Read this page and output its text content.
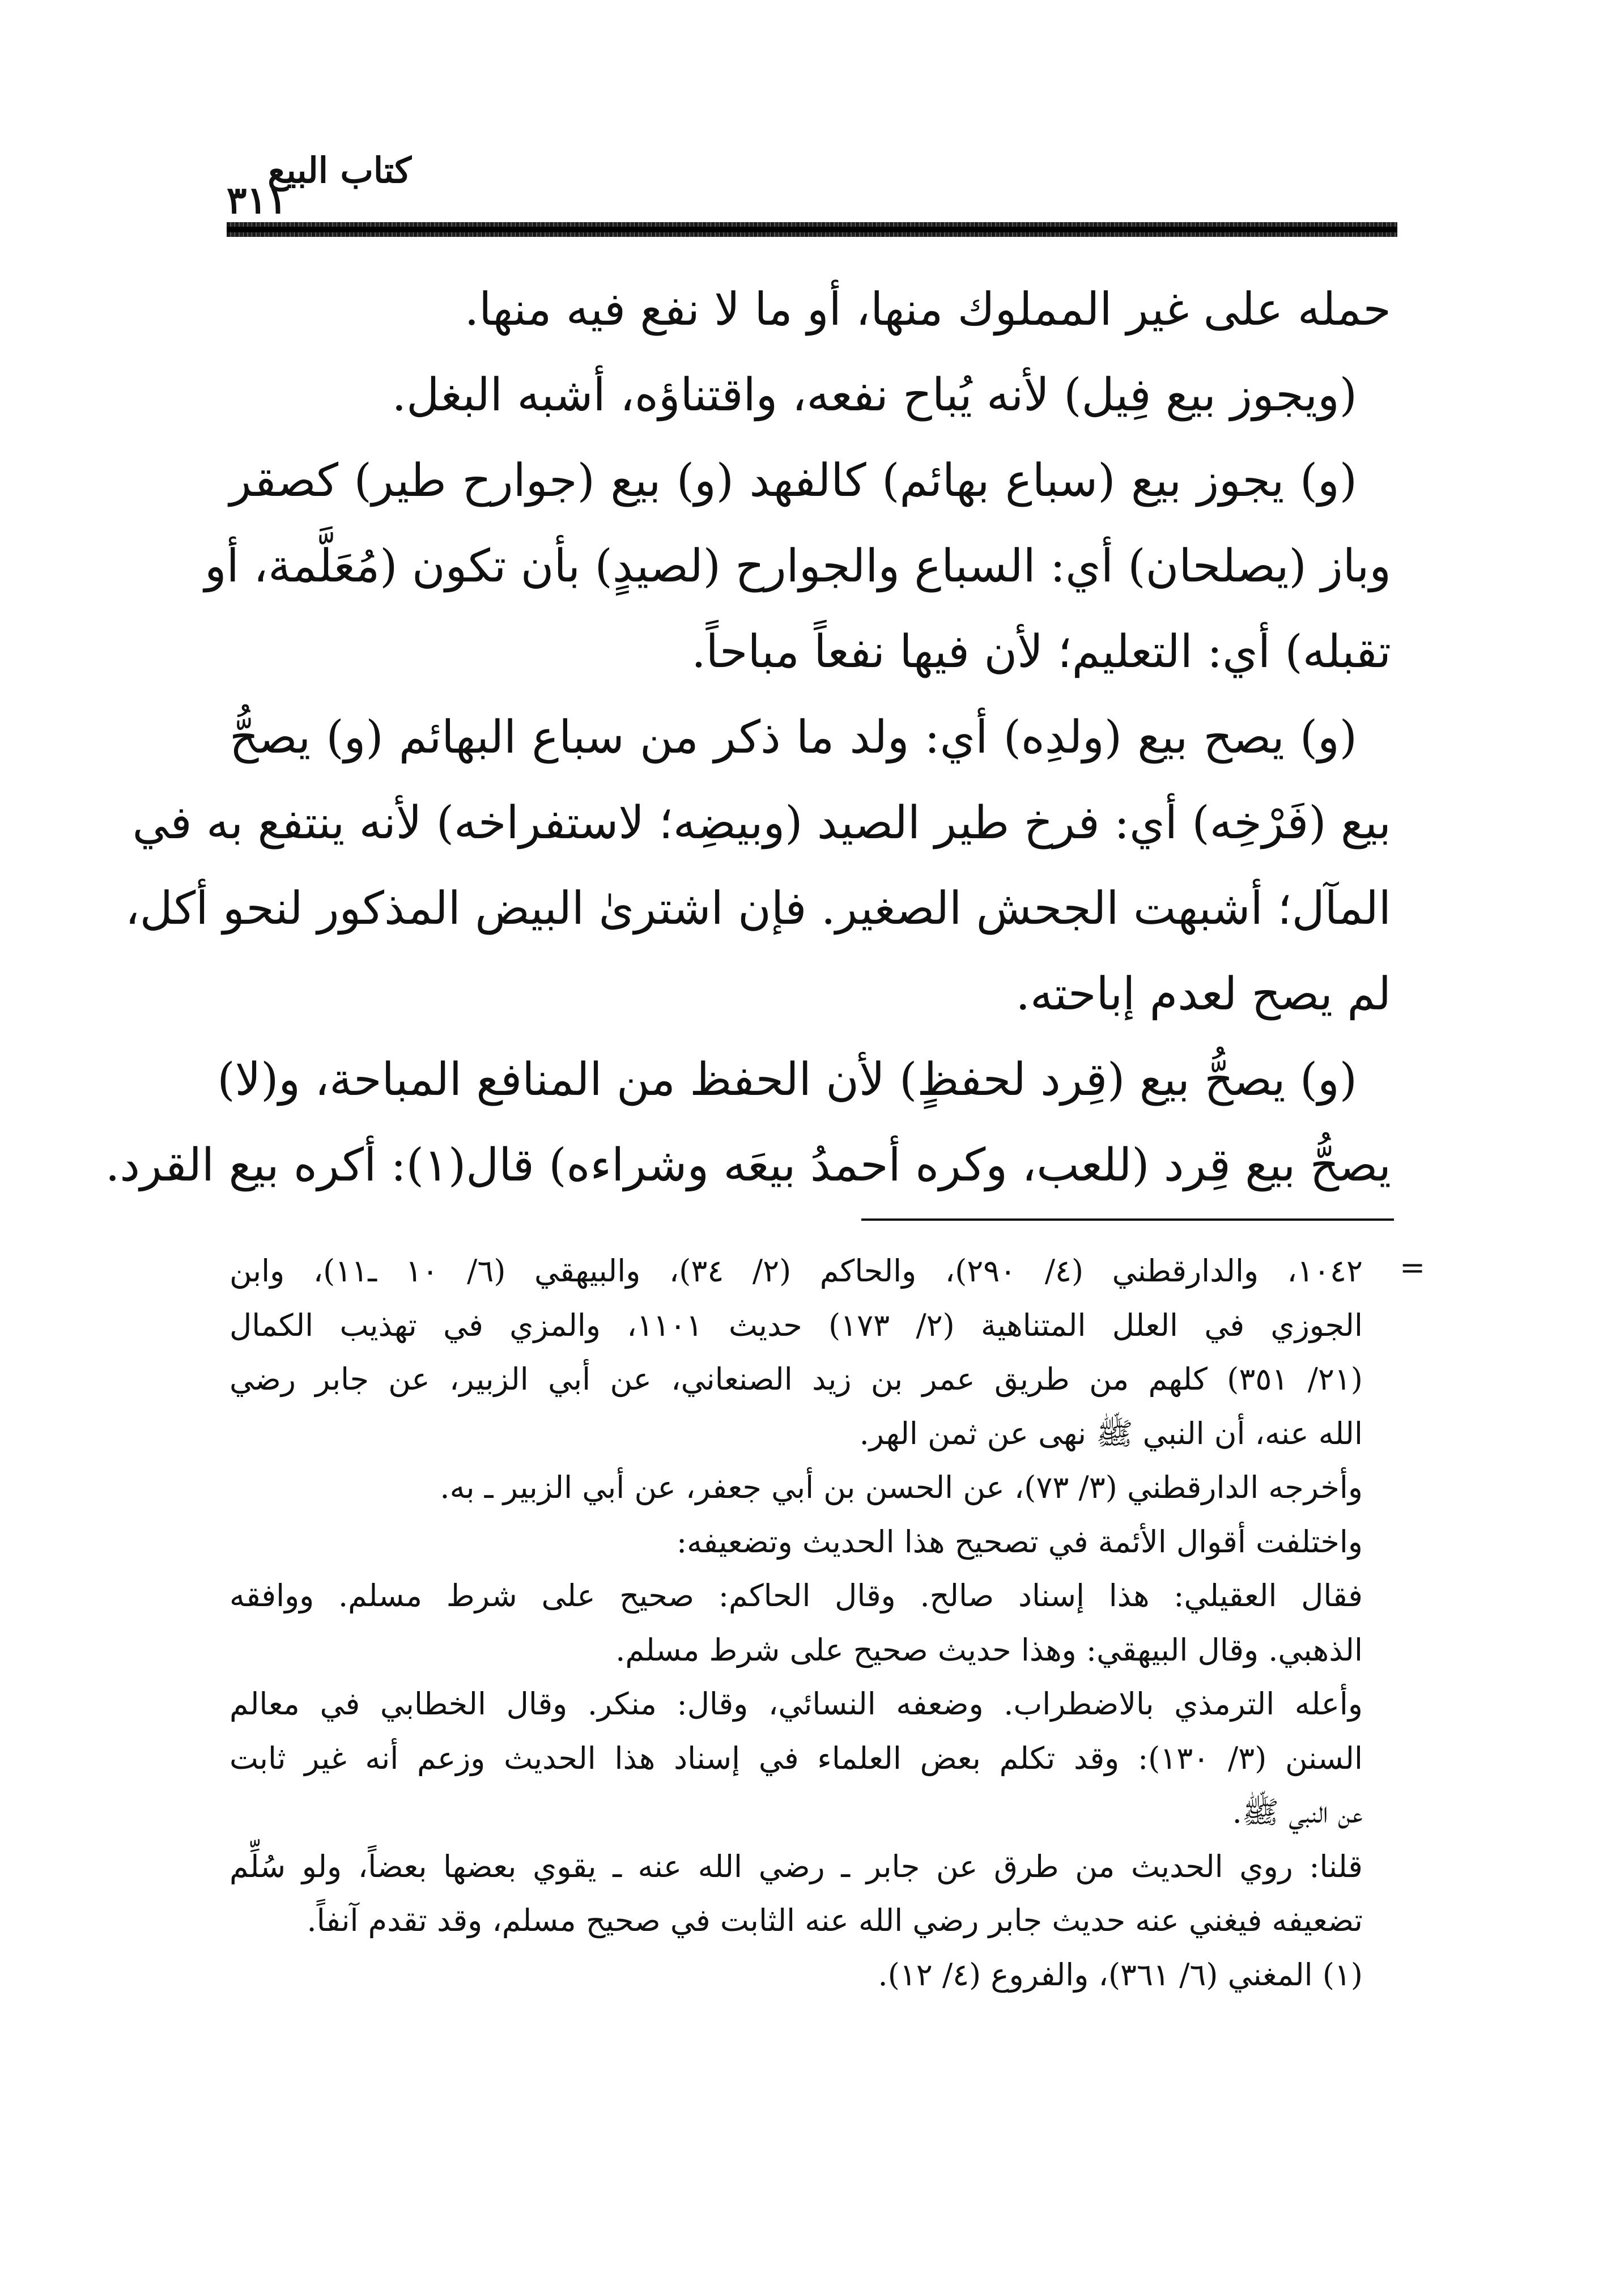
كتاب البيع
٣١١
حمله على غير المملوك منها، أو ما لا نفع فيه منها.
(ويجوز بيع فِيل) لأنه يُباح نفعه، واقتناؤه، أشبه البغل.
(و) يجوز بيع (سباع بهائم) كالفهد (و) بيع (جوارح طير) كصقر
وباز (يصلحان) أي: السباع والجوارح (لصيدٍ) بأن تكون (مُعَلَّمة، أو
تقبله) أي: التعليم؛ لأن فيها نفعاً مباحاً.
(و) يصح بيع (ولدِه) أي: ولد ما ذكر من سباع البهائم (و) يصحُّ
بيع (فَرْخِه) أي: فرخ طير الصيد (وبيضِه؛ لاستفراخه) لأنه ينتفع به في
المآل؛ أشبهت الجحش الصغير. فإن اشترىٰ البيض المذكور لنحو أكل،
لم يصح لعدم إباحته.
(و) يصحُّ بيع (قِرد لحفظٍ) لأن الحفظ من المنافع المباحة، و(لا)
يصحُّ بيع قِرد (للعب، وكره أحمدُ بيعَه وشراءه) قال(١): أكره بيع القرد.
=
١٠٤٢، والدارقطني (٤/ ٢٩٠)، والحاكم (٢/ ٣٤)، والبيهقي (٦/ ١٠ ـ١١)، وابن
الجوزي في العلل المتناهية (٢/ ١٧٣) حديث ١١٠١، والمزي في تهذيب الكمال
(٢١/ ٣٥١) كلهم من طريق عمر بن زيد الصنعاني، عن أبي الزبير، عن جابر رضي
الله عنه، أن النبي ﷺ نهى عن ثمن الهر.
وأخرجه الدارقطني (٣/ ٧٣)، عن الحسن بن أبي جعفر، عن أبي الزبير ـ به.
واختلفت أقوال الأئمة في تصحيح هذا الحديث وتضعيفه:
فقال العقيلي: هذا إسناد صالح. وقال الحاكم: صحيح على شرط مسلم. ووافقه
الذهبي. وقال البيهقي: وهذا حديث صحيح على شرط مسلم.
وأعله الترمذي بالاضطراب. وضعفه النسائي، وقال: منكر. وقال الخطابي في معالم
السنن (٣/ ١٣٠): وقد تكلم بعض العلماء في إسناد هذا الحديث وزعم أنه غير ثابت
عن النبي ﷺ.
قلنا: روي الحديث من طرق عن جابر ـ رضي الله عنه ـ يقوي بعضها بعضاً، ولو سُلِّم
تضعيفه فيغني عنه حديث جابر رضي الله عنه الثابت في صحيح مسلم، وقد تقدم آنفاً.
(١) المغني (٦/ ٣٦١)، والفروع (٤/ ١٢).
